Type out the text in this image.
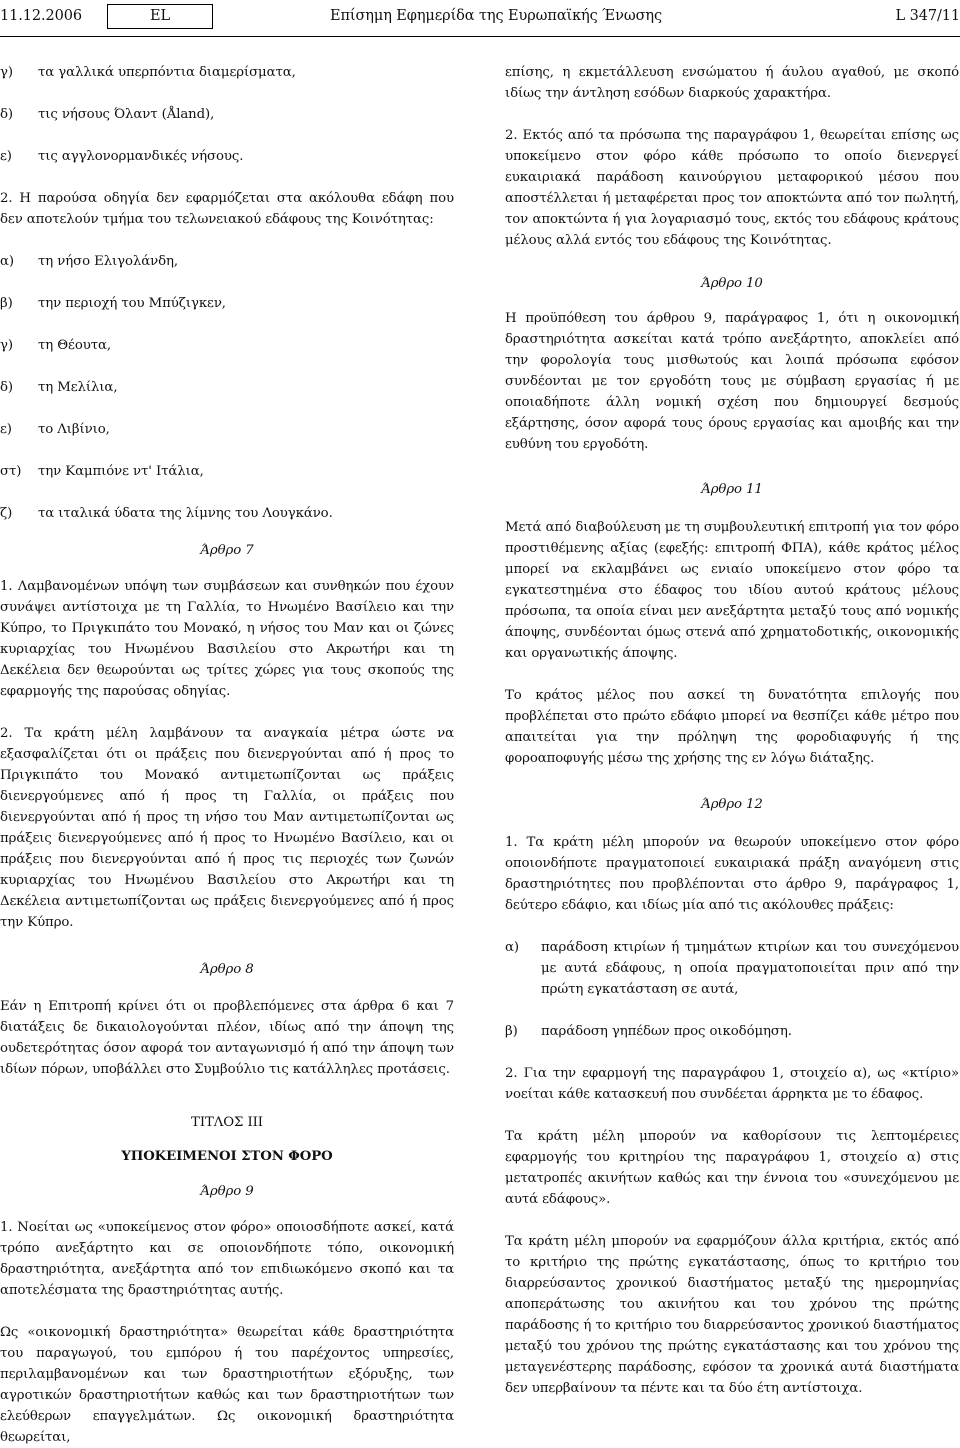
11.12.2006	EL	Επίσημη Εφημερίδα της Ευρωπαϊκής Ένωσης	L 347/11
γ)	τα γαλλικά υπερπόντια διαμερίσματα,
δ)	τις νήσους Όλαντ (Åland),
ε)	τις αγγλονορμανδικές νήσους.

2. Η παρούσα οδηγία δεν εφαρμόζεται στα ακόλουθα εδάφη που δεν αποτελούν τμήμα του τελωνειακού εδάφους της Κοινότητας:

α)	τη νήσο Ελιγολάνδη,
β)	την περιοχή του Μπύζιγκεν,
γ)	τη Θέουτα,
δ)	τη Μελίλια,
ε)	το Λιβίνιο,
στ)	την Καμπιόνε ντ' Ιτάλια,
ζ)	τα ιταλικά ύδατα της λίμνης του Λουγκάνο.

Άρθρο 7

1. Λαμβανομένων υπόψη των συμβάσεων και συνθηκών που έχουν συνάψει αντίστοιχα με τη Γαλλία, το Ηνωμένο Βασίλειο και την Κύπρο, το Πριγκιπάτο του Μονακό, η νήσος του Μαν και οι ζώνες κυριαρχίας του Ηνωμένου Βασιλείου στο Ακρωτήρι και τη Δεκέλεια δεν θεωρούνται ως τρίτες χώρες για τους σκοπούς της εφαρμογής της παρούσας οδηγίας.

2. Τα κράτη μέλη λαμβάνουν τα αναγκαία μέτρα ώστε να εξασφαλίζεται ότι οι πράξεις που διενεργούνται από ή προς το Πριγκιπάτο του Μονακό αντιμετωπίζονται ως πράξεις διενεργούμενες από ή προς τη Γαλλία, οι πράξεις που διενεργούνται από ή προς τη νήσο του Μαν αντιμετωπίζονται ως πράξεις διενεργούμενες από ή προς το Ηνωμένο Βασίλειο, και οι πράξεις που διενεργούνται από ή προς τις περιοχές των ζωνών κυριαρχίας του Ηνωμένου Βασιλείου στο Ακρωτήρι και τη Δεκέλεια αντιμετωπίζονται ως πράξεις διενεργούμενες από ή προς την Κύπρο.

Άρθρο 8

Εάν η Επιτροπή κρίνει ότι οι προβλεπόμενες στα άρθρα 6 και 7 διατάξεις δε δικαιολογούνται πλέον, ιδίως από την άποψη της ουδετερότητας όσον αφορά τον ανταγωνισμό ή από την άποψη των ιδίων πόρων, υποβάλλει στο Συμβούλιο τις κατάλληλες προτάσεις.

ΤΙΤΛΟΣ III

ΥΠΟΚΕΙΜΕΝΟΙ ΣΤΟΝ ΦΟΡΟ

Άρθρο 9

1. Νοείται ως «υποκείμενος στον φόρο» οποιοσδήποτε ασκεί, κατά τρόπο ανεξάρτητο και σε οποιονδήποτε τόπο, οικονομική δραστηριότητα, ανεξάρτητα από τον επιδιωκόμενο σκοπό και τα αποτελέσματα της δραστηριότητας αυτής.

Ως «οικονομική δραστηριότητα» θεωρείται κάθε δραστηριότητα του παραγωγού, του εμπόρου ή του παρέχοντος υπηρεσίες, περιλαμβανομένων και των δραστηριοτήτων εξόρυξης, των αγροτικών δραστηριοτήτων καθώς και των δραστηριοτήτων των ελεύθερων επαγγελμάτων. Ως οικονομική δραστηριότητα θεωρείται,

επίσης, η εκμετάλλευση ενσώματου ή άυλου αγαθού, με σκοπό ιδίως την άντληση εσόδων διαρκούς χαρακτήρα.

2. Εκτός από τα πρόσωπα της παραγράφου 1, θεωρείται επίσης ως υποκείμενο στον φόρο κάθε πρόσωπο το οποίο διενεργεί ευκαιριακά παράδοση καινούργιου μεταφορικού μέσου που αποστέλλεται ή μεταφέρεται προς τον αποκτώντα από τον πωλητή, τον αποκτώντα ή για λογαριασμό τους, εκτός του εδάφους κράτους μέλους αλλά εντός του εδάφους της Κοινότητας.

Άρθρο 10

Η προϋπόθεση του άρθρου 9, παράγραφος 1, ότι η οικονομική δραστηριότητα ασκείται κατά τρόπο ανεξάρτητο, αποκλείει από την φορολογία τους μισθωτούς και λοιπά πρόσωπα εφόσον συνδέονται με τον εργοδότη τους με σύμβαση εργασίας ή με οποιαδήποτε άλλη νομική σχέση που δημιουργεί δεσμούς εξάρτησης, όσον αφορά τους όρους εργασίας και αμοιβής και την ευθύνη του εργοδότη.

Άρθρο 11

Μετά από διαβούλευση με τη συμβουλευτική επιτροπή για τον φόρο προστιθέμενης αξίας (εφεξής: επιτροπή ΦΠΑ), κάθε κράτος μέλος μπορεί να εκλαμβάνει ως ενιαίο υποκείμενο στον φόρο τα εγκατεστημένα στο έδαφος του ιδίου αυτού κράτους μέλους πρόσωπα, τα οποία είναι μεν ανεξάρτητα μεταξύ τους από νομικής άποψης, συνδέονται όμως στενά από χρηματοδοτικής, οικονομικής και οργανωτικής άποψης.

Το κράτος μέλος που ασκεί τη δυνατότητα επιλογής που προβλέπεται στο πρώτο εδάφιο μπορεί να θεσπίζει κάθε μέτρο που απαιτείται για την πρόληψη της φοροδιαφυγής ή της φοροαποφυγής μέσω της χρήσης της εν λόγω διάταξης.

Άρθρο 12

1. Τα κράτη μέλη μπορούν να θεωρούν υποκείμενο στον φόρο οποιονδήποτε πραγματοποιεί ευκαιριακά πράξη αναγόμενη στις δραστηριότητες που προβλέπονται στο άρθρο 9, παράγραφος 1, δεύτερο εδάφιο, και ιδίως μία από τις ακόλουθες πράξεις:

α)	παράδοση κτιρίων ή τμημάτων κτιρίων και του συνεχόμενου με αυτά εδάφους, η οποία πραγματοποιείται πριν από την πρώτη εγκατάσταση σε αυτά,
β)	παράδοση γηπέδων προς οικοδόμηση.

2. Για την εφαρμογή της παραγράφου 1, στοιχείο α), ως «κτίριο» νοείται κάθε κατασκευή που συνδέεται άρρηκτα με το έδαφος.

Τα κράτη μέλη μπορούν να καθορίσουν τις λεπτομέρειες εφαρμογής του κριτηρίου της παραγράφου 1, στοιχείο α) στις μετατροπές ακινήτων καθώς και την έννοια του «συνεχόμενου με αυτά εδάφους».

Τα κράτη μέλη μπορούν να εφαρμόζουν άλλα κριτήρια, εκτός από το κριτήριο της πρώτης εγκατάστασης, όπως το κριτήριο του διαρρεύσαντος χρονικού διαστήματος μεταξύ της ημερομηνίας αποπεράτωσης του ακινήτου και του χρόνου της πρώτης παράδοσης ή το κριτήριο του διαρρεύσαντος χρονικού διαστήματος μεταξύ του χρόνου της πρώτης εγκατάστασης και του χρόνου της μεταγενέστερης παράδοσης, εφόσον τα χρονικά αυτά διαστήματα δεν υπερβαίνουν τα πέντε και τα δύο έτη αντίστοιχα.
